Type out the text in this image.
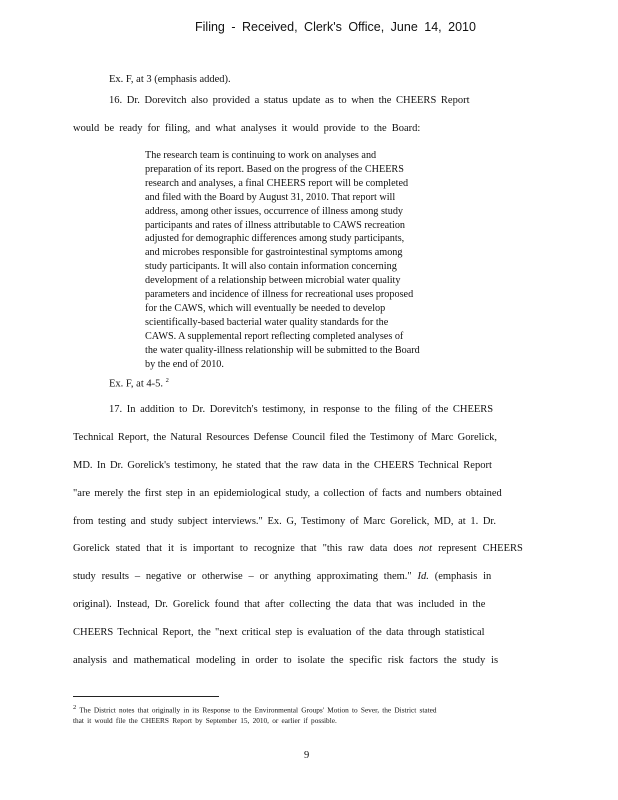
Filing - Received, Clerk's Office, June 14, 2010
Ex. F, at 3 (emphasis added).
16. Dr. Dorevitch also provided a status update as to when the CHEERS Report
would be ready for filing, and what analyses it would provide to the Board:
The research team is continuing to work on analyses and
preparation of its report. Based on the progress of the CHEERS
research and analyses, a final CHEERS report will be completed
and filed with the Board by August 31, 2010. That report will
address, among other issues, occurrence of illness among study
participants and rates of illness attributable to CAWS recreation
adjusted for demographic differences among study participants,
and microbes responsible for gastrointestinal symptoms among
study participants. It will also contain information concerning
development of a relationship between microbial water quality
parameters and incidence of illness for recreational uses proposed
for the CAWS, which will eventually be needed to develop
scientifically-based bacterial water quality standards for the
CAWS. A supplemental report reflecting completed analyses of
the water quality-illness relationship will be submitted to the Board
by the end of 2010.
Ex. F, at 4-5. $^2$
17. In addition to Dr. Dorevitch's testimony, in response to the filing of the CHEERS
Technical Report, the Natural Resources Defense Council filed the Testimony of Marc Gorelick,
MD. In Dr. Gorelick's testimony, he stated that the raw data in the CHEERS Technical Report
"are merely the first step in an epidemiological study, a collection of facts and numbers obtained
from testing and study subject interviews." Ex. G, Testimony of Marc Gorelick, MD, at 1. Dr.
Gorelick stated that it is important to recognize that "this raw data does not represent CHEERS
study results – negative or otherwise – or anything approximating them." Id. (emphasis in
original). Instead, Dr. Gorelick found that after collecting the data that was included in the
CHEERS Technical Report, the "next critical step is evaluation of the data through statistical
analysis and mathematical modeling in order to isolate the specific risk factors the study is
$^2$ The District notes that originally in its Response to the Environmental Groups' Motion to Sever, the District stated
that it would file the CHEERS Report by September 15, 2010, or earlier if possible.
9
